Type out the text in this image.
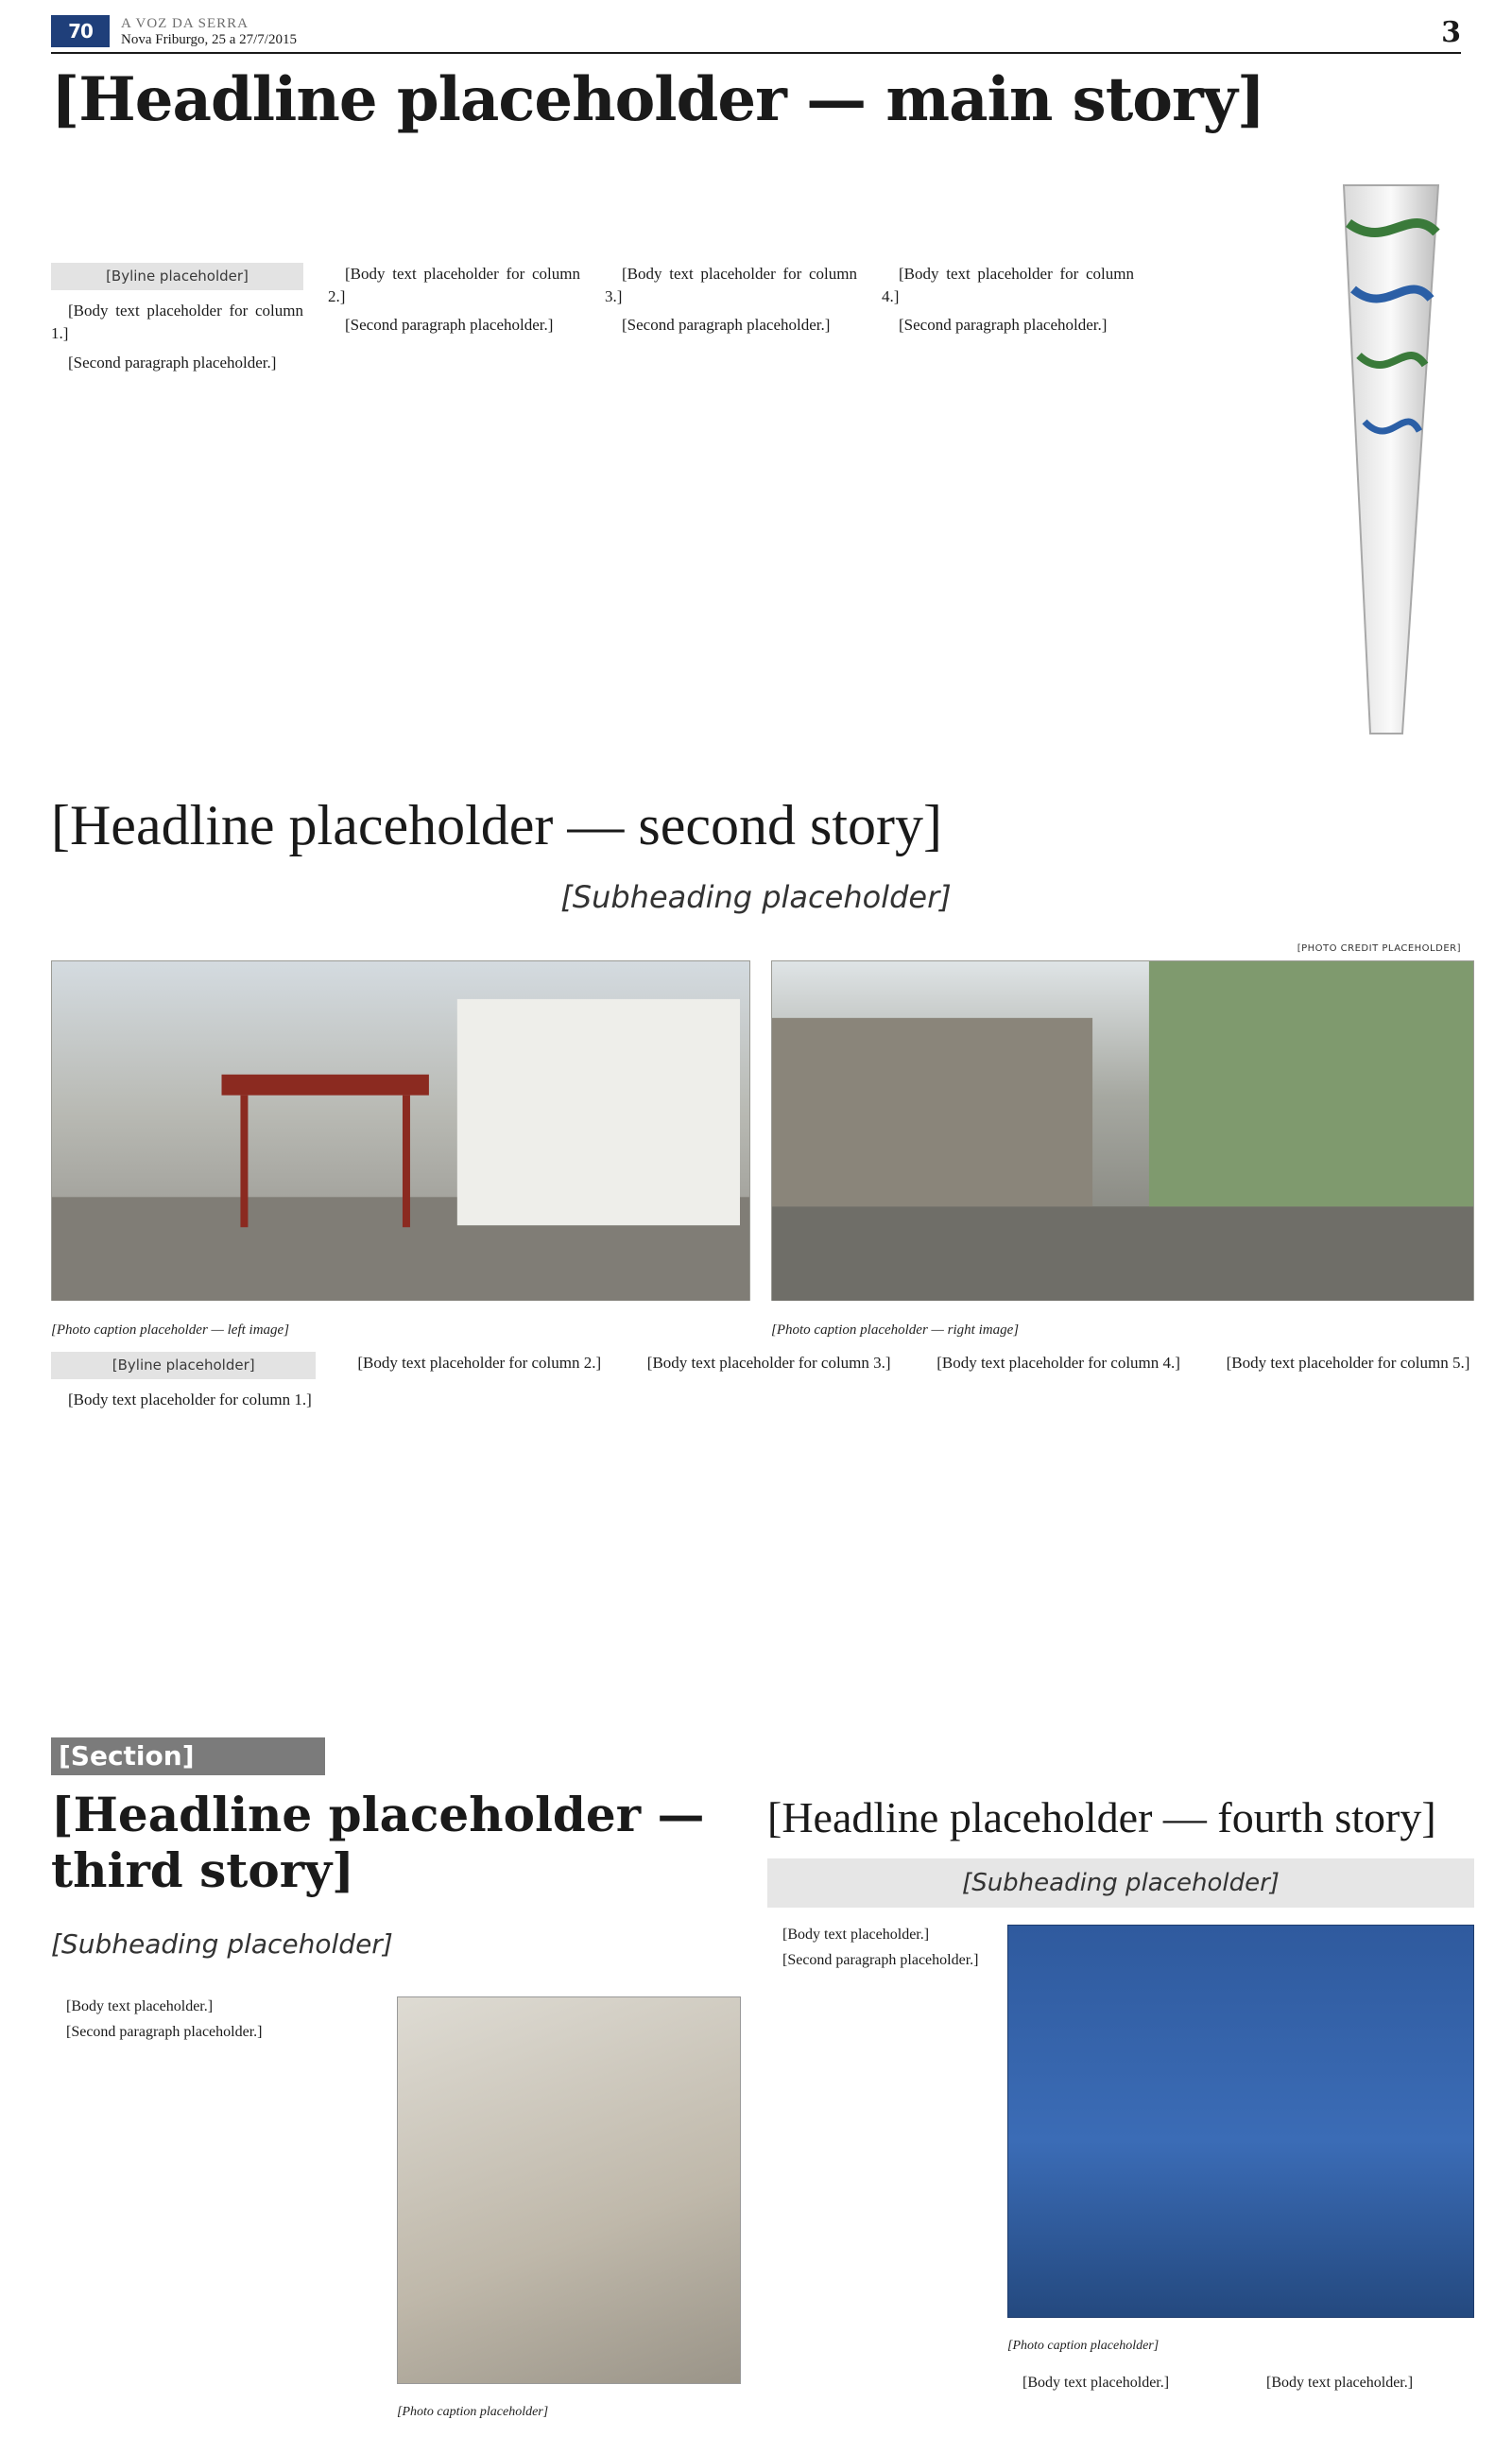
70 A VOZ DA SERRA
Nova Friburgo, 25 a 27/7/2015	3
[Headline placeholder — main story]
[Byline placeholder]

[Body text placeholder for column 1.]

[Second paragraph placeholder.]

[Body text placeholder for column 2.]

[Second paragraph placeholder.]

[Body text placeholder for column 3.]

[Second paragraph placeholder.]

[Body text placeholder for column 4.]

[Second paragraph placeholder.]

[Headline placeholder — second story]

[Subheading placeholder]

[PHOTO CREDIT PLACEHOLDER]

[Photo caption placeholder — left image]	[Photo caption placeholder — right image]

[Byline placeholder]

[Body text placeholder for column 1.]

[Body text placeholder for column 2.]	[Body text placeholder for column 3.]	[Body text placeholder for column 4.]	[Body text placeholder for column 5.]

[Section]
[Headline placeholder — third story]

[Subheading placeholder]

[Body text placeholder.]

[Second paragraph placeholder.]

[Photo caption placeholder]

[Headline placeholder — fourth story]

[Subheading placeholder]

[Body text placeholder.]

[Second paragraph placeholder.]

[Photo caption placeholder]

[Body text placeholder.]	[Body text placeholder.]
